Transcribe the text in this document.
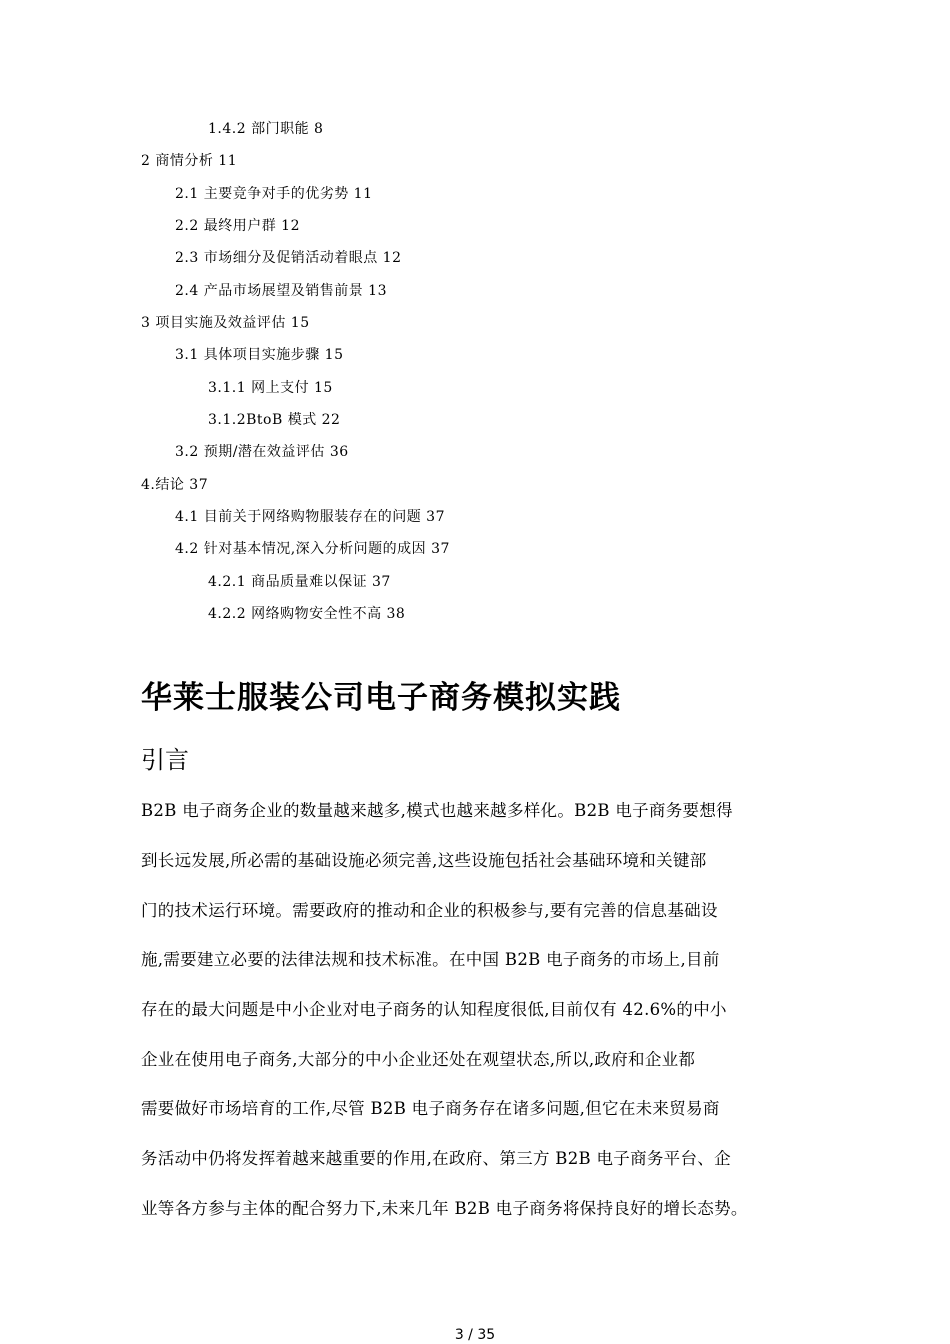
1.4.2 部门职能 8
2 商情分析 11
2.1 主要竞争对手的优劣势 11
2.2 最终用户群 12
2.3 市场细分及促销活动着眼点 12
2.4 产品市场展望及销售前景 13
3 项目实施及效益评估 15
3.1 具体项目实施步骤 15
3.1.1 网上支付 15
3.1.2BtoB 模式 22
3.2 预期/潜在效益评估 36
4.结论 37
4.1 目前关于网络购物服装存在的问题 37
4.2 针对基本情况,深入分析问题的成因 37
4.2.1 商品质量难以保证 37
4.2.2 网络购物安全性不高 38
华莱士服装公司电子商务模拟实践
引言
B2B 电子商务企业的数量越来越多,模式也越来越多样化。B2B 电子商务要想得
到长远发展,所必需的基础设施必须完善,这些设施包括社会基础环境和关键部
门的技术运行环境。需要政府的推动和企业的积极参与,要有完善的信息基础设
施,需要建立必要的法律法规和技术标准。在中国 B2B 电子商务的市场上,目前
存在的最大问题是中小企业对电子商务的认知程度很低,目前仅有 42.6%的中小
企业在使用电子商务,大部分的中小企业还处在观望状态,所以,政府和企业都
需要做好市场培育的工作,尽管 B2B 电子商务存在诸多问题,但它在未来贸易商
务活动中仍将发挥着越来越重要的作用,在政府、第三方 B2B 电子商务平台、企
业等各方参与主体的配合努力下,未来几年 B2B 电子商务将保持良好的增长态势。
3 / 35
